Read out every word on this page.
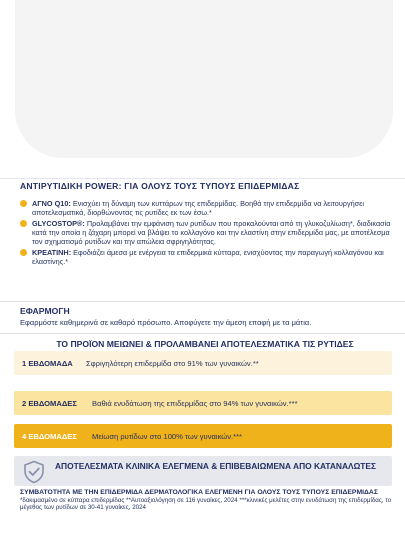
ΑΝΤΙΡΥΤΙΔΙΚΗ POWER: ΓΙΑ ΟΛΟΥΣ ΤΟΥΣ ΤΥΠΟΥΣ ΕΠΙΔΕΡΜΙΔΑΣ
ΑΓΝΟ Q10: Ενισχύει τη δύναμη των κυττάρων της επιδερμίδας. Βοηθά την επιδερμίδα να λειτουργήσει αποτελεσματικά, διορθώνοντας τις ρυτίδες εκ των έσω.*
GLYCOSTOP®: Προλαμβάνει την εμφάνιση των ρυτίδων που προκαλούνται από τη γλυκοζυλίωση*, διαδικασία κατά την οποία η ζάχαρη μπορεί να βλάψει το κολλαγόνο και την ελαστίνη στην επιδερμίδα μας, με αποτέλεσμα τον σχηματισμό ρυτίδων και την απώλεια σφριγηλότητας.
ΚΡΕΑΤΙΝΗ: Εφοδιάζει άμεσα με ενέργεια τα επιδερμικά κύτταρα, ενισχύοντας την παραγωγή κολλαγόνου και ελαστίνης.*
ΕΦΑΡΜΟΓΗ
Εφαρμόστε καθημερινά σε καθαρό πρόσωπο. Αποφύγετε την άμεση επαφή με τα μάτια.
ΤΟ ΠΡΟΪΟΝ ΜΕΙΩΝΕΙ & ΠΡΟΛΑΜΒΑΝΕΙ ΑΠΟΤΕΛΕΣΜΑΤΙΚΑ ΤΙΣ ΡΥΤΙΔΕΣ
1 ΕΒΔΟΜΑΔΑ	Σφριγηλότερη επιδερμίδα στο 91% των γυναικών.**
2 ΕΒΔΟΜΑΔΕΣ	Βαθιά ενυδάτωση της επιδερμίδας στο 94% των γυναικών.***
4 ΕΒΔΟΜΑΔΕΣ	Μείωση ρυτίδων στο 100% των γυναικών.***
ΑΠΟΤΕΛΕΣΜΑΤΑ ΚΛΙΝΙΚΑ ΕΛΕΓΜΕΝΑ & ΕΠΙΒΕΒΑΙΩΜΕΝΑ ΑΠΟ ΚΑΤΑΝΑΛΩΤΕΣ
ΣΥΜΒΑΤΟΤΗΤΑ ΜΕ ΤΗΝ ΕΠΙΔΕΡΜΙΔΑ ΔΕΡΜΑΤΟΛΟΓΙΚΑ ΕΛΕΓΜΕΝΗ ΓΙΑ ΟΛΟΥΣ ΤΟΥΣ ΤΥΠΟΥΣ ΕΠΙΔΕΡΜΙΔΑΣ *δοκιμασμένο σε κύτταρα επιδερμίδας **Αυτοαξιολόγηση σε 116 γυναίκες, 2024 ***κλινικές μελέτες στην ενυδάτωση της επιδερμίδας, το μέγεθος των ρυτίδων σε 30-41 γυναίκες, 2024
